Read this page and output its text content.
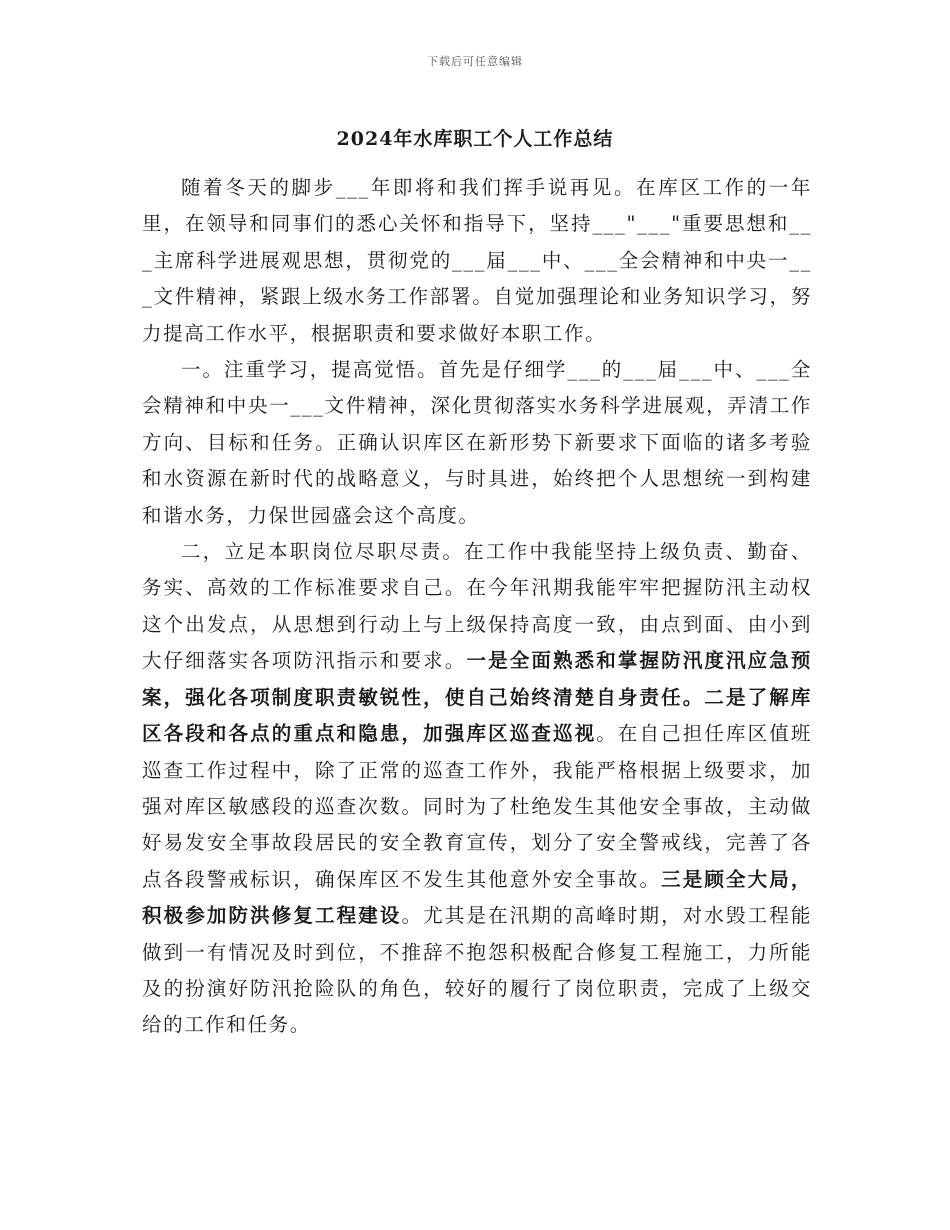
下载后可任意编辑
2024年水库职工个人工作总结

随着冬天的脚步___年即将和我们挥手说再见。在库区工作的一年里，在领导和同事们的悉心关怀和指导下，坚持___"___"重要思想和___主席科学进展观思想，贯彻党的___届___中、___全会精神和中央一___文件精神，紧跟上级水务工作部署。自觉加强理论和业务知识学习，努力提高工作水平，根据职责和要求做好本职工作。

一。注重学习，提高觉悟。首先是仔细学___的___届___中、___全会精神和中央一___文件精神，深化贯彻落实水务科学进展观，弄清工作方向、目标和任务。正确认识库区在新形势下新要求下面临的诸多考验和水资源在新时代的战略意义，与时具进，始终把个人思想统一到构建和谐水务，力保世园盛会这个高度。

二，立足本职岗位尽职尽责。在工作中我能坚持上级负责、勤奋、务实、高效的工作标准要求自己。在今年汛期我能牢牢把握防汛主动权这个出发点，从思想到行动上与上级保持高度一致，由点到面、由小到大仔细落实各项防汛指示和要求。一是全面熟悉和掌握防汛度汛应急预案，强化各项制度职责敏锐性，使自己始终清楚自身责任。二是了解库区各段和各点的重点和隐患，加强库区巡查巡视。在自己担任库区值班巡查工作过程中，除了正常的巡查工作外，我能严格根据上级要求，加强对库区敏感段的巡查次数。同时为了杜绝发生其他安全事故，主动做好易发安全事故段居民的安全教育宣传，划分了安全警戒线，完善了各点各段警戒标识，确保库区不发生其他意外安全事故。三是顾全大局，积极参加防洪修复工程建设。尤其是在汛期的高峰时期，对水毁工程能做到一有情况及时到位，不推辞不抱怨积极配合修复工程施工，力所能及的扮演好防汛抢险队的角色，较好的履行了岗位职责，完成了上级交给的工作和任务。
